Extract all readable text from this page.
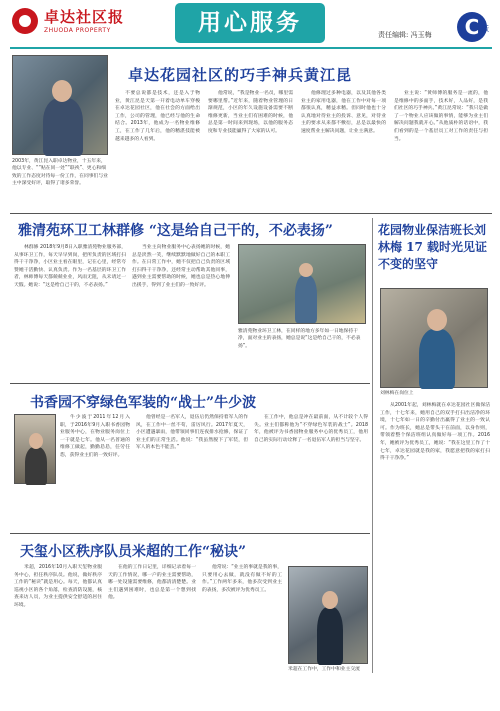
卓达社区报
ZHUODA PROPERTY	用心服务	责任编辑: 冯玉梅	C 版
卓达花园社区的巧手神兵黄江昆
2003年，黄江昆入职卓达物业，十五年来，他以专业、““贴在同一处”“联袂”、更心和细致的工作态度对待每一份工作，在同事们与业主中深受好评，取得了诸多荣誉。
不要总说都是技术，还是入于物业，黄江昆是天第一开着电动单车穿梭在卓达花园社区，他在社会的方面给出工作，公司的管理，他已经与他的生命结合。2013年，他成为一名物业维修工，在工作了几年后，他的精湛技能被越来越多的人看到。
他常说，“我是物业一名员，哪里需要哪里帮。”近年来，随着物业管理的日渐规范，小区的年久设施设备需要不断维修更新，当业主们有困难的时候，他总是第一时间来到现场，以他的服务态度和专业技能赢得了大家的认可。
他修理过多种电器，以及其他各类业主的家用电器，他在工作中对每一项都很认真，精益求精。但同时他也十分认真地对待业主的投诉、意见，对待业主的要求从来都不敷衍，总是以最快的速度帮业主解决问题，让业主满意。
业主说：“黄师傅的服务是一流的，他是维修中的多面手，技术好，人品好，是我们社区的巧手神兵。”黄江昆常说：“我只是做了一个物业人应该做的事情，能够为业主们解决问题我就开心。”从他质朴的话语中，我们看到的是一个基层员工对工作的责任与担当。
雅清苑环卫工林群修 “这是给自己干的，不必表扬”
林群修 2018年9月8日入职雅清苑物业服务部，从事环卫工作，每天早早到岗，把所负责的区域打扫得干干净净，小区业主看在眼里，记在心里，经常夸赞她干活勤快、认真负责。作为一名基层的环卫工作者，林师傅每天都兢兢业业，风雨无阻，从未请过一天假。她说：“这是给自己干的，不必表扬。”
当业主向物业服务中心表扬她的时候，她总是淡然一笑，继续默默地做好自己的本职工作。在日常工作中，她不仅把自己负责的区域打扫得干干净净，还经常主动帮助其他同事，遇到业主需要帮助的时候，她也总是热心地伸出援手，得到了业主们的一致好评。
雅清苑物业环卫工林，在同样的地方多年如一日地保持干净，面对业主的表扬，她总是说“这是给自己干的，不必表扬”。
花园物业保洁班长刘林梅 17 载时光见证不变的坚守
刘林梅在岗位上
从2001年起，刘林梅就在卓达花园社区做保洁工作，十七年来，她用自己的双手打扫出洁净的环境，十七年如一日的辛勤付出赢得了业主的一致认可。作为班长，她总是带头干在前面，以身作则，带领着整个保洁班组认真做好每一项工作。2016年，她被评为优秀员工，她说：“我在这里工作了十七年，卓达花园就是我的家，我愿意把我的家打扫得干干净净。”
书香园不穿绿色军装的“战士”牛少波
牛少波于2011年12月入职，于2016年9月入职书香园物业服务中心，在物业服务岗位上一干就是七年。他从一名普通的维修工做起，勤勤恳恳，任劳任怨，获得业主们的一致好评。
他曾经是一名军人，退伍后仍然保持着军人的作风，在工作中一丝不苟，雷厉风行。2017年夏天，小区遭遇暴雨，他带领同事们连夜排水抢修，保证了业主们的正常生活。他说：“我虽然脱下了军装，但军人的本色不能丢。”
在工作中，他总是冲在最前面，从不计较个人得失。业主们都称他为“不穿绿色军装的战士”。2018年，他被评为书香园物业服务中心的优秀员工，他用自己的实际行动诠释了一名退伍军人的担当与坚守。
天玺小区秩序队员米超的工作“秘诀”
米超，2016年10月入职天玺物业服务中心，担任秩序队员。他说，做好秩序工作的“秘诀”就是用心。每天，他都认真巡视小区的各个角落，检查消防设施，核查来访人员，为业主提供安全舒适的居住环境。
在他的工作日记里，详细记录着每一天的工作情况，哪一户的业主需要帮助，哪一处设施需要维修，他都清清楚楚。业主们遇到困难时，也总是第一个想到找他。
他常说：“业主的事就是我的事，只要用心去做，就没有做不好的工作。”工作两年多来，他多次受到业主的表扬，多次被评为优秀员工。
米超在工作中，工作中和业主交流
